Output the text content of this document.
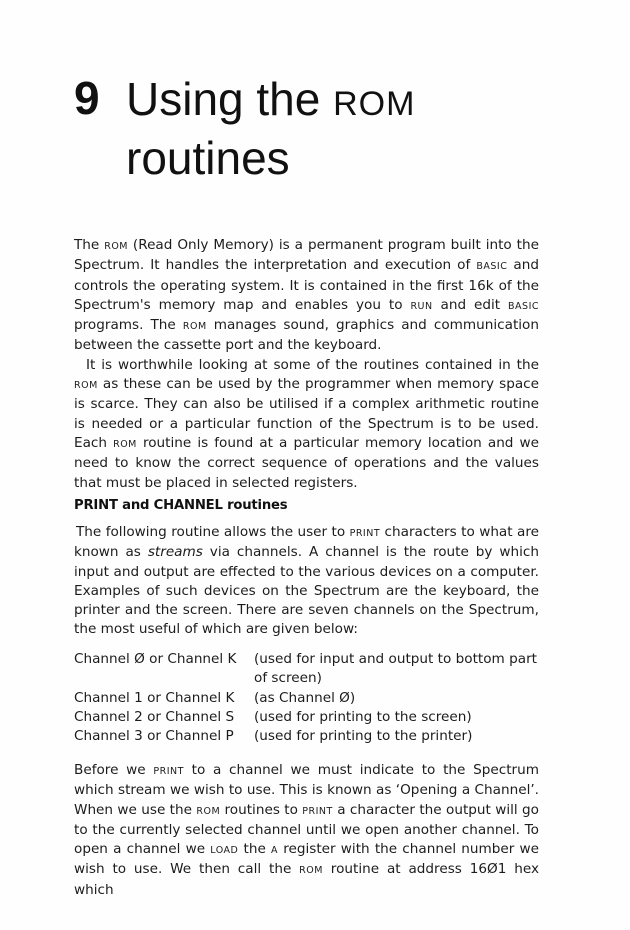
9 Using the ROM
routines

The ROM (Read Only Memory) is a permanent program built into the Spectrum. It handles the interpretation and execution of BASIC and controls the operating system. It is contained in the first 16k of the Spectrum's memory map and enables you to RUN and edit BASIC programs. The ROM manages sound, graphics and communication between the cassette port and the keyboard.

It is worthwhile looking at some of the routines contained in the ROM as these can be used by the programmer when memory space is scarce. They can also be utilised if a complex arithmetic routine is needed or a particular function of the Spectrum is to be used. Each ROM routine is found at a particular memory location and we need to know the correct sequence of operations and the values that must be placed in selected registers.

PRINT and CHANNEL routines

The following routine allows the user to PRINT characters to what are known as streams via channels. A channel is the route by which input and output are effected to the various devices on a computer. Examples of such devices on the Spectrum are the keyboard, the printer and the screen. There are seven channels on the Spectrum, the most useful of which are given below:

Channel Ø or Channel K	(used for input and output to bottom part of screen)
Channel 1 or Channel K	(as Channel Ø)
Channel 2 or Channel S	(used for printing to the screen)
Channel 3 or Channel P	(used for printing to the printer)

Before we PRINT to a channel we must indicate to the Spectrum which stream we wish to use. This is known as ‘Opening a Channel’. When we use the ROM routines to PRINT a character the output will go to the currently selected channel until we open another channel. To open a channel we LOAD the A register with the channel number we wish to use. We then call the ROM routine at address 16Ø1 hex which
